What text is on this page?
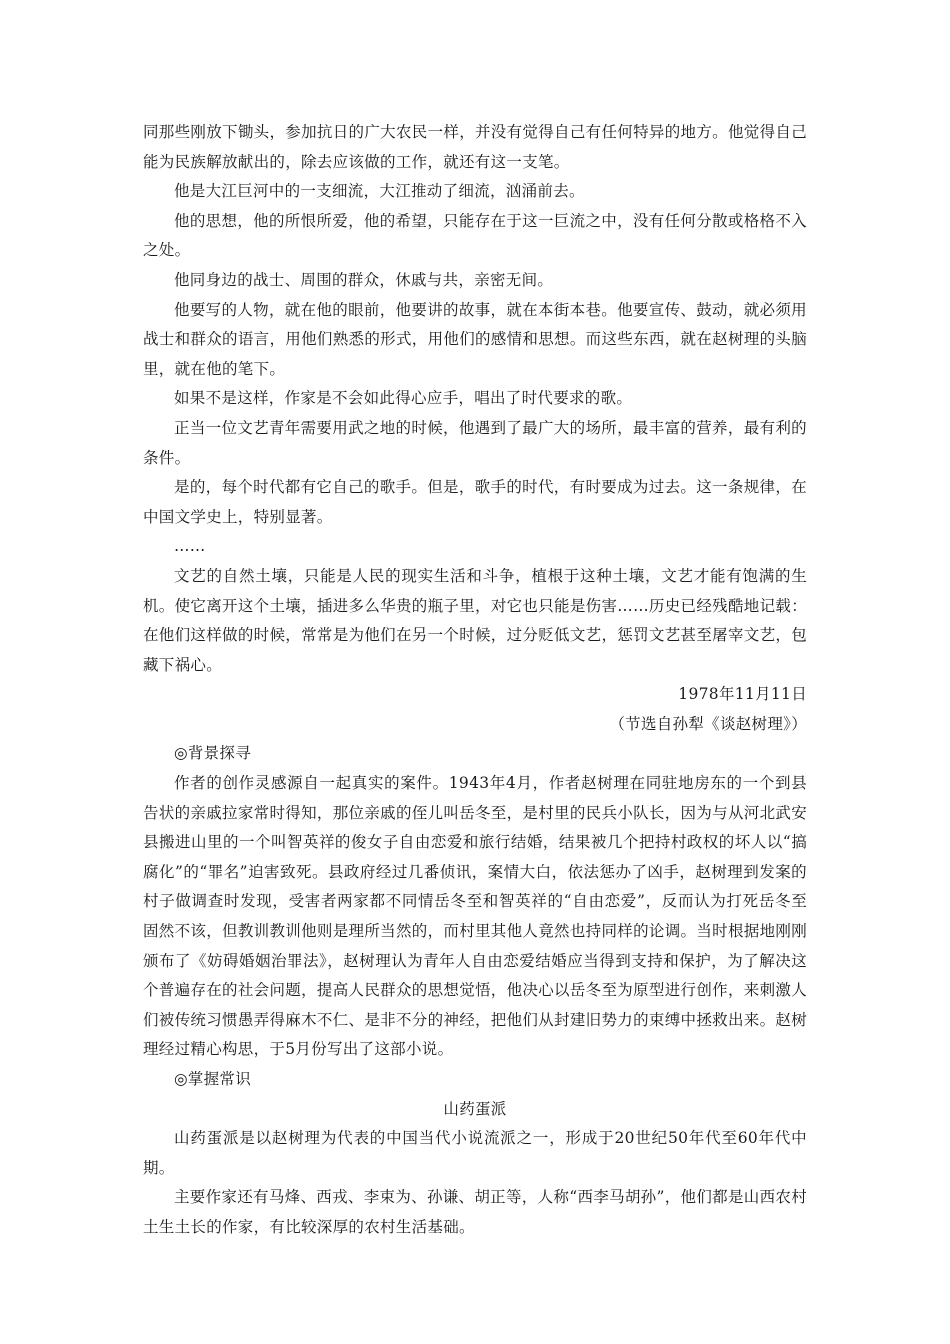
同那些刚放下锄头，参加抗日的广大农民一样，并没有觉得自己有任何特异的地方。他觉得自己能为民族解放献出的，除去应该做的工作，就还有这一支笔。

他是大江巨河中的一支细流，大江推动了细流，汹涌前去。

他的思想，他的所恨所爱，他的希望，只能存在于这一巨流之中，没有任何分散或格格不入之处。

他同身边的战士、周围的群众，休戚与共，亲密无间。

他要写的人物，就在他的眼前，他要讲的故事，就在本街本巷。他要宣传、鼓动，就必须用战士和群众的语言，用他们熟悉的形式，用他们的感情和思想。而这些东西，就在赵树理的头脑里，就在他的笔下。

如果不是这样，作家是不会如此得心应手，唱出了时代要求的歌。

正当一位文艺青年需要用武之地的时候，他遇到了最广大的场所，最丰富的营养，最有利的条件。

是的，每个时代都有它自己的歌手。但是，歌手的时代，有时要成为过去。这一条规律，在中国文学史上，特别显著。

……

文艺的自然土壤，只能是人民的现实生活和斗争，植根于这种土壤，文艺才能有饱满的生机。使它离开这个土壤，插进多么华贵的瓶子里，对它也只能是伤害……历史已经残酷地记载：在他们这样做的时候，常常是为他们在另一个时候，过分贬低文艺，惩罚文艺甚至屠宰文艺，包藏下祸心。

1978年11月11日

（节选自孙犁《谈赵树理》）

◎背景探寻

作者的创作灵感源自一起真实的案件。1943年4月，作者赵树理在同驻地房东的一个到县告状的亲戚拉家常时得知，那位亲戚的侄儿叫岳冬至，是村里的民兵小队长，因为与从河北武安县搬进山里的一个叫智英祥的俊女子自由恋爱和旅行结婚，结果被几个把持村政权的坏人以“搞腐化”的“罪名”迫害致死。县政府经过几番侦讯，案情大白，依法惩办了凶手，赵树理到发案的村子做调查时发现，受害者两家都不同情岳冬至和智英祥的“自由恋爱”，反而认为打死岳冬至固然不该，但教训教训他则是理所当然的，而村里其他人竟然也持同样的论调。当时根据地刚刚颁布了《妨碍婚姻治罪法》，赵树理认为青年人自由恋爱结婚应当得到支持和保护，为了解决这个普遍存在的社会问题，提高人民群众的思想觉悟，他决心以岳冬至为原型进行创作，来刺激人们被传统习惯愚弄得麻木不仁、是非不分的神经，把他们从封建旧势力的束缚中拯救出来。赵树理经过精心构思，于5月份写出了这部小说。

◎掌握常识

山药蛋派

山药蛋派是以赵树理为代表的中国当代小说流派之一，形成于20世纪50年代至60年代中期。

主要作家还有马烽、西戎、李束为、孙谦、胡正等，人称“西李马胡孙”，他们都是山西农村土生土长的作家，有比较深厚的农村生活基础。
